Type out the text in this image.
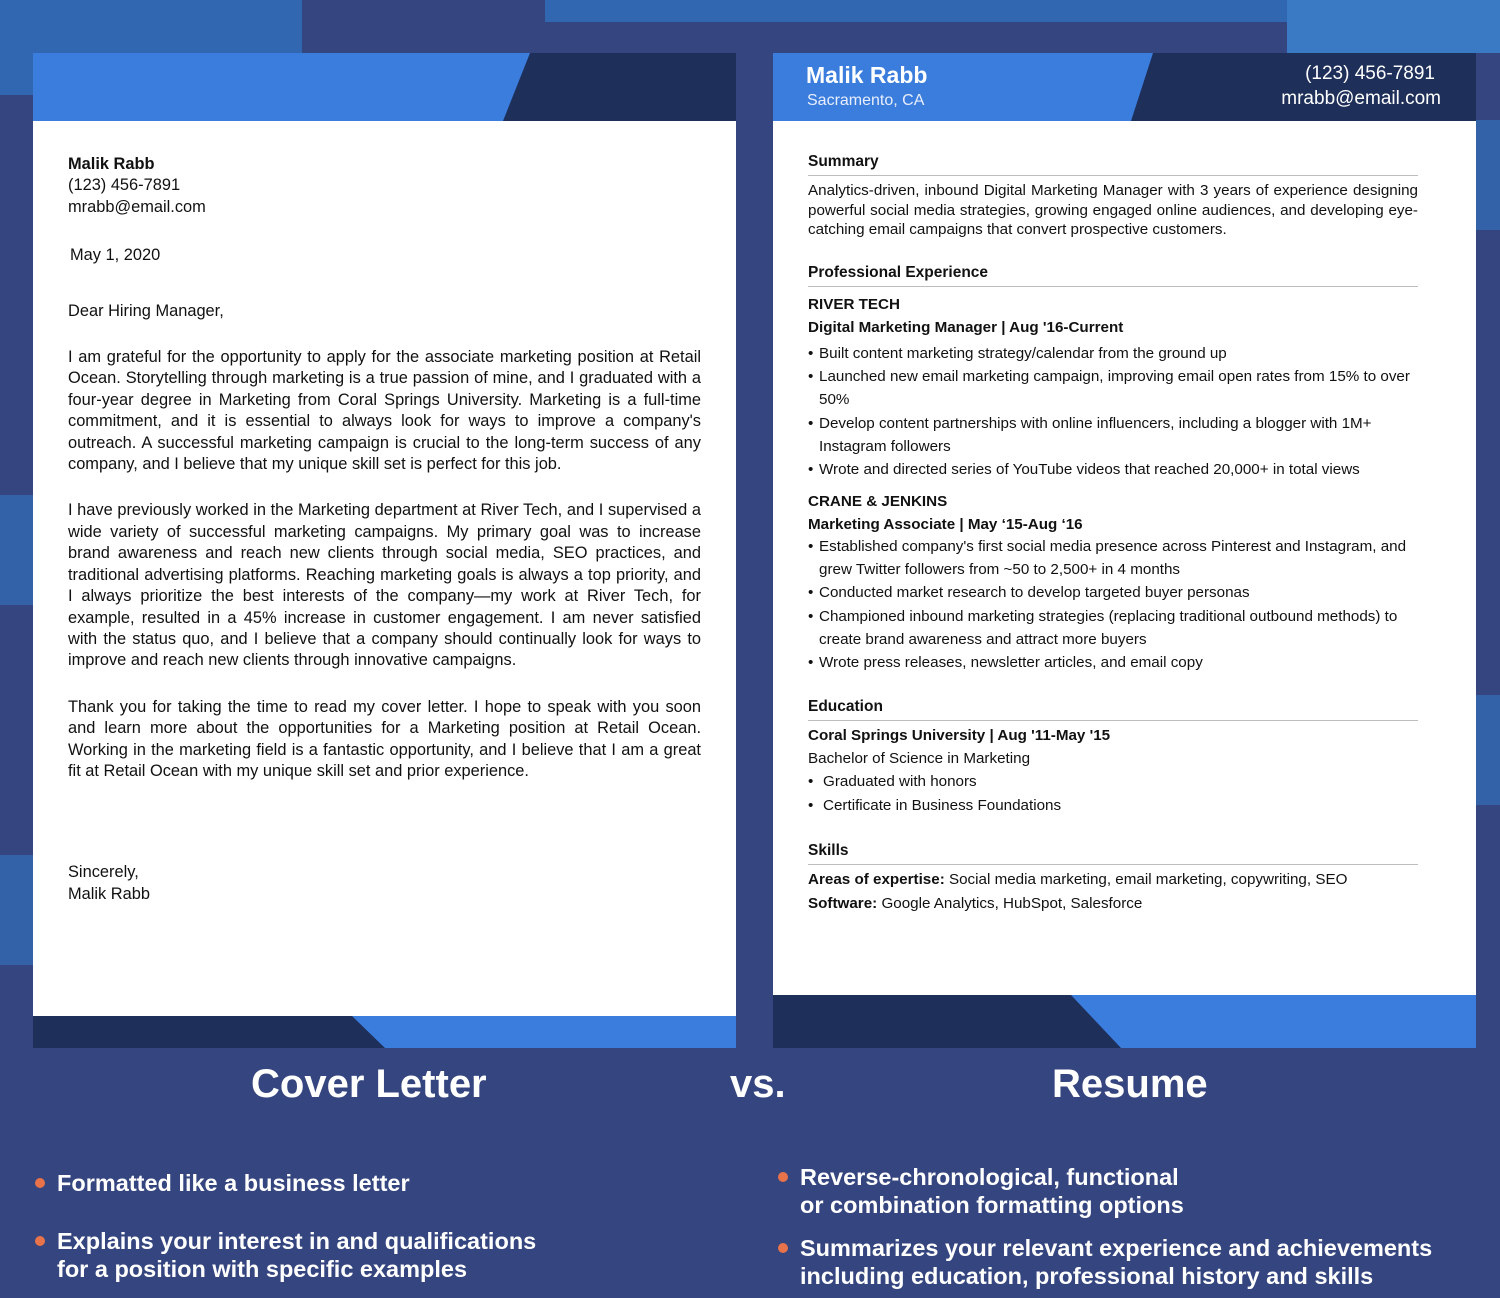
Malik Rabb

(123) 456-7891

mrabb@email.com

May 1, 2020

Dear Hiring Manager,

I am grateful for the opportunity to apply for the associate marketing position at Retail Ocean. Storytelling through marketing is a true passion of mine, and I graduated with a four-year degree in Marketing from Coral Springs University. Marketing is a full-time commitment, and it is essential to always look for ways to improve a company's outreach. A successful marketing campaign is crucial to the long-term success of any company, and I believe that my unique skill set is perfect for this job.

I have previously worked in the Marketing department at River Tech, and I supervised a wide variety of successful marketing campaigns. My primary goal was to increase brand awareness and reach new clients through social media, SEO practices, and traditional advertising platforms. Reaching marketing goals is always a top priority, and I always prioritize the best interests of the company—my work at River Tech, for example, resulted in a 45% increase in customer engagement. I am never satisfied with the status quo, and I believe that a company should continually look for ways to improve and reach new clients through innovative campaigns.

Thank you for taking the time to read my cover letter. I hope to speak with you soon and learn more about the opportunities for a Marketing position at Retail Ocean. Working in the marketing field is a fantastic opportunity, and I believe that I am a great fit at Retail Ocean with my unique skill set and prior experience.

Sincerely,

Malik Rabb

Malik Rabb
Sacramento, CA
(123) 456-7891
mrabb@email.com

Summary

Analytics-driven, inbound Digital Marketing Manager with 3 years of experience designing powerful social media strategies, growing engaged online audiences, and developing eye-catching email campaigns that convert prospective customers.

Professional Experience

RIVER TECH

Digital Marketing Manager | Aug '16-Current

• Built content marketing strategy/calendar from the ground up
• Launched new email marketing campaign, improving email open rates from 15% to over 50%
• Develop content partnerships with online influencers, including a blogger with 1M+ Instagram followers
• Wrote and directed series of YouTube videos that reached 20,000+ in total views

CRANE & JENKINS

Marketing Associate | May ‘15-Aug ‘16

• Established company's first social media presence across Pinterest and Instagram, and grew Twitter followers from ~50 to 2,500+ in 4 months
• Conducted market research to develop targeted buyer personas
• Championed inbound marketing strategies (replacing traditional outbound methods) to create brand awareness and attract more buyers
• Wrote press releases, newsletter articles, and email copy

Education

Coral Springs University | Aug '11-May '15

Bachelor of Science in Marketing

• Graduated with honors
• Certificate in Business Foundations

Skills

Areas of expertise: Social media marketing, email marketing, copywriting, SEO

Software: Google Analytics, HubSpot, Salesforce

Cover Letter	vs.	Resume
Formatted like a business letter
Explains your interest in and qualifications
for a position with specific examples
Reverse-chronological, functional
or combination formatting options
Summarizes your relevant experience and achievements
including education, professional history and skills
